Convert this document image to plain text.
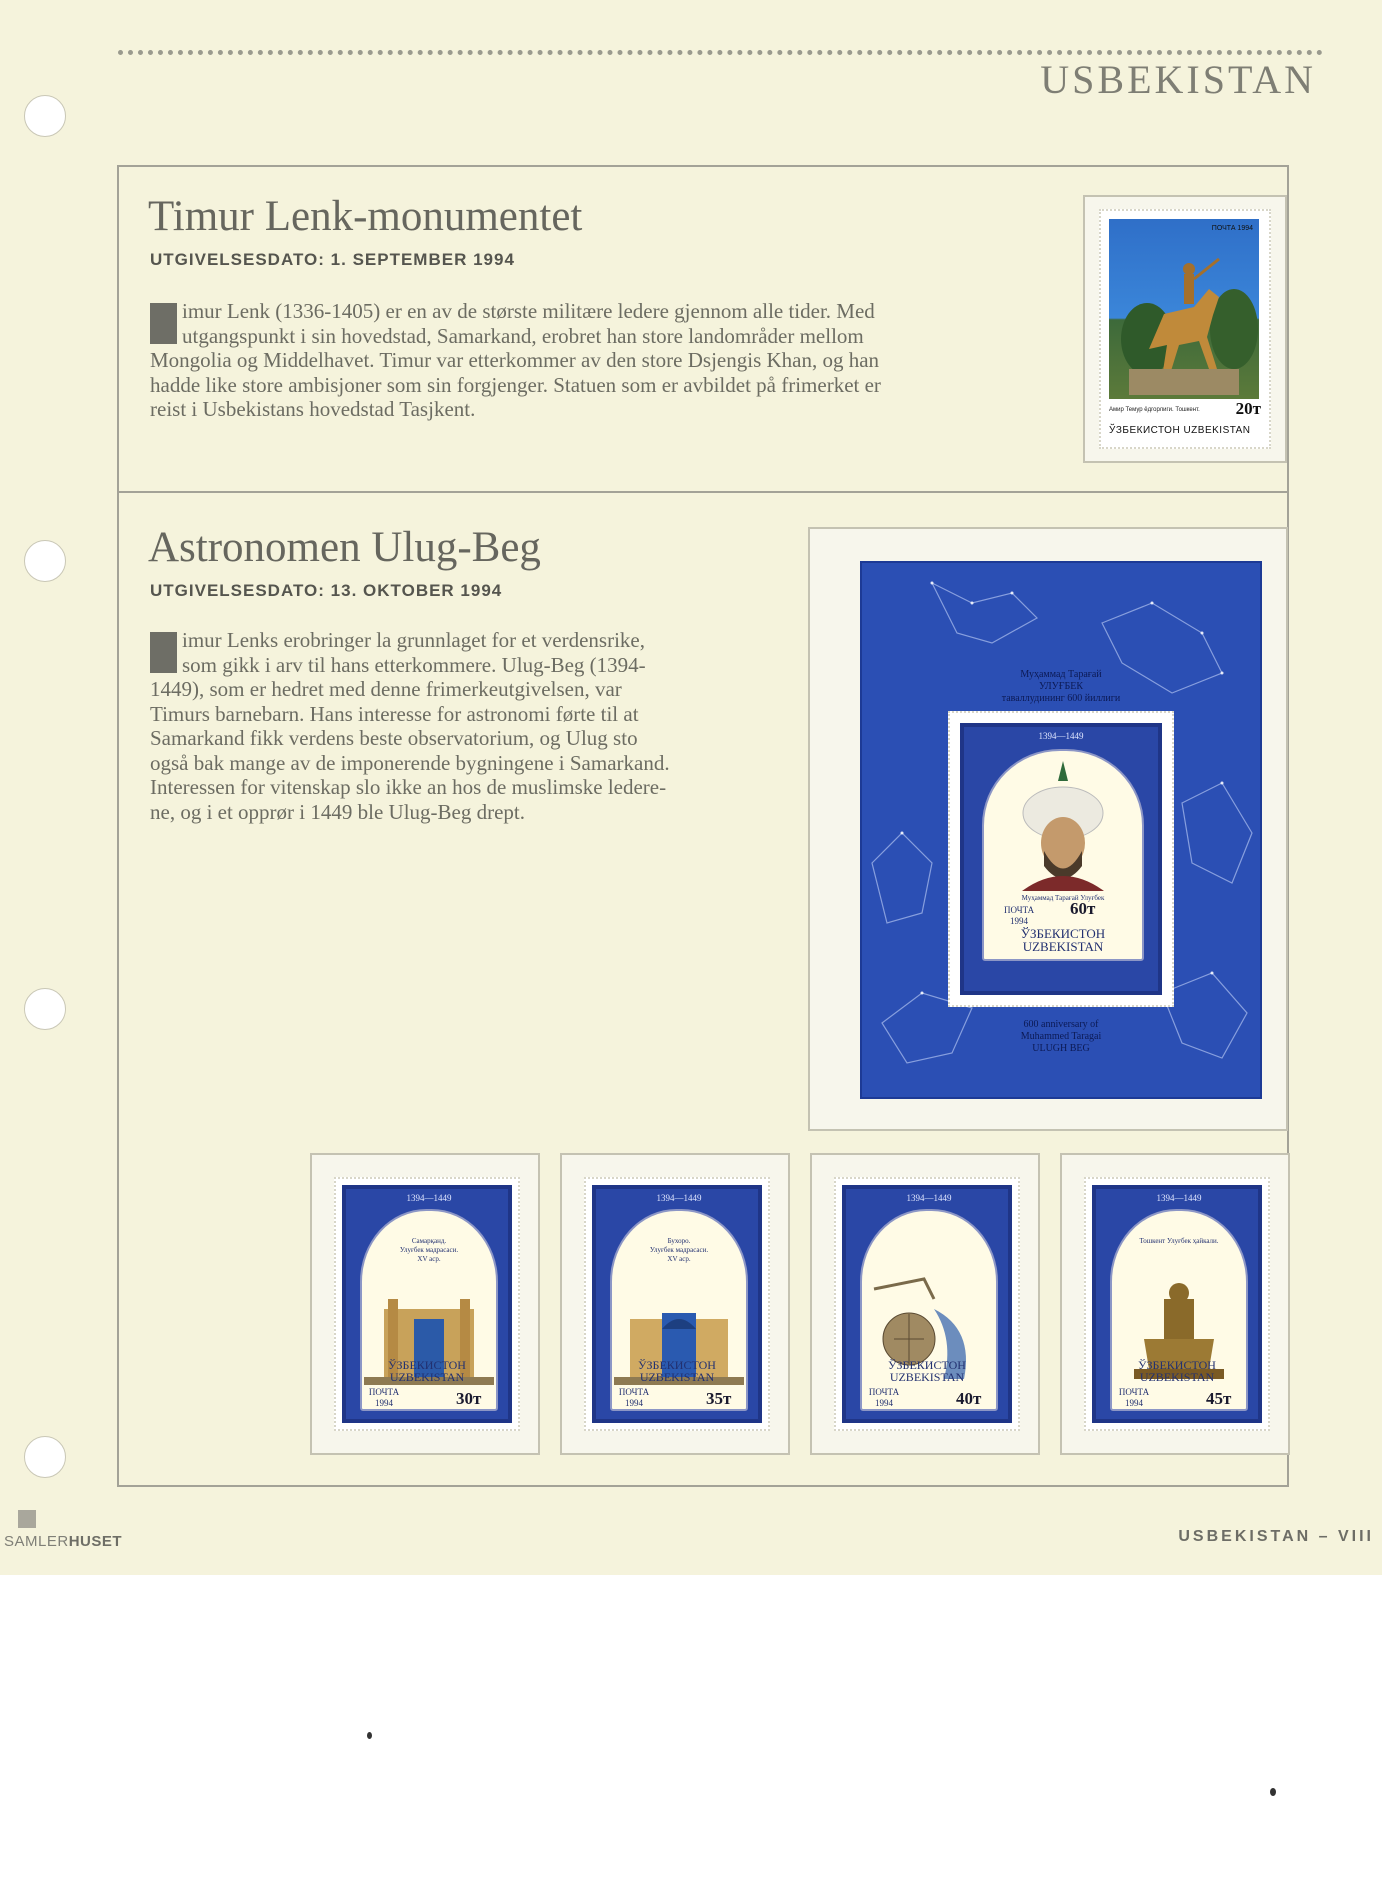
USBEKISTAN
Timur Lenk-monumentet
UTGIVELSESDATO: 1. SEPTEMBER 1994
imur Lenk (1336-1405) er en av de største militære ledere gjennom alle tider. Med
utgangspunkt i sin hovedstad, Samarkand, erobret han store landområder mellom
Mongolia og Middelhavet. Timur var etterkommer av den store Dsjengis Khan, og han
hadde like store ambisjoner som sin forgjenger. Statuen som er avbildet på frimerket er
reist i Usbekistans hovedstad Tasjkent.
ПОЧТА 1994
Амир Темур ёдгорлиги. Тошкент.	20т
ЎЗБЕКИСТОН UZBEKISTAN
Astronomen Ulug-Beg
UTGIVELSESDATO: 13. OKTOBER 1994
imur Lenks erobringer la grunnlaget for et verdensrike,
som gikk i arv til hans etterkommere. Ulug-Beg (1394-
1449), som er hedret med denne frimerkeutgivelsen, var
Timurs barnebarn. Hans interesse for astronomi førte til at
Samarkand fikk verdens beste observatorium, og Ulug sto
også bak mange av de imponerende bygningene i Samarkand.
Interessen for vitenskap slo ikke an hos de muslimske ledere-
ne, og i et opprør i 1449 ble Ulug-Beg drept.
Муҳаммад Тарағай
УЛУҒБЕК
таваллудининг 600 йиллиги
1394—1449
Муҳаммад Тарағай Улуғбек
ПОЧТА
1994
60т
ЎЗБЕКИСТОН
UZBEKISTAN
600 anniversary of
Muhammed Taragai
ULUGH BEG
1394—1449
Самарқанд.
Улуғбек мадрасаси.
XV аср.
ЎЗБЕКИСТОН
UZBEKISTAN
ПОЧТА
1994	30т
1394—1449
Бухоро.
Улуғбек мадрасаси.
XV аср.
ЎЗБЕКИСТОН
UZBEKISTAN
ПОЧТА
1994	35т
1394—1449
ЎЗБЕКИСТОН
UZBEKISTAN
ПОЧТА
1994	40т
1394—1449
Тошкент Улуғбек ҳайкали.
ЎЗБЕКИСТОН
UZBEKISTAN
ПОЧТА
1994	45т
SAMLERHUSET	USBEKISTAN – VIII
